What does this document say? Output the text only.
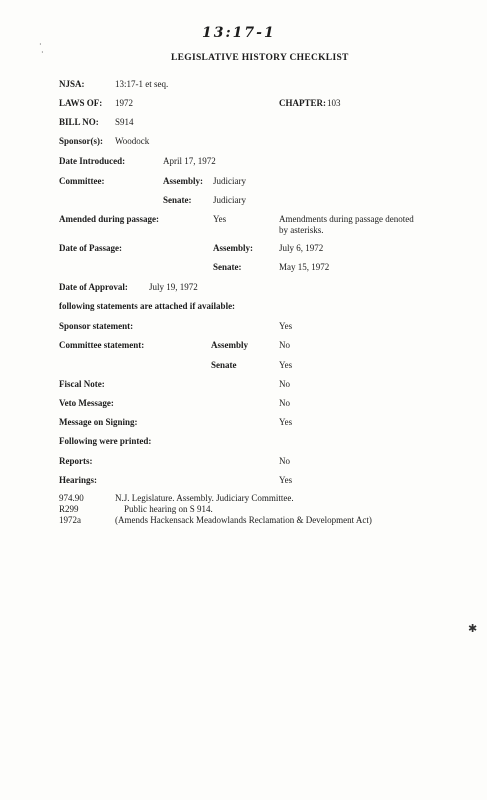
13:17-1
·
·
✱
LEGISLATIVE HISTORY CHECKLIST
NJSA:	13:17-1 et seq.
LAWS OF: 1972	CHAPTER: 103
BILL NO: S914
Sponsor(s): Woodock
Date Introduced:	April 17, 1972
Committee:	Assembly: Judiciary
Senate: Judiciary
Amended during passage:	Yes	Amendments during passage denoted
by asterisks.
Date of Passage:	Assembly:	July 6, 1972
Senate:	May 15, 1972
Date of Approval: July 19, 1972
following statements are attached if available:
Sponsor statement:	Yes
Committee statement:	Assembly	No
Senate	Yes
Fiscal Note:	No
Veto Message:	No
Message on Signing:	Yes
Following were printed:
Reports:	No
Hearings:	Yes
974.90	N.J. Legislature. Assembly. Judiciary Committee.
R299	Public hearing on S 914.
1972a	(Amends Hackensack Meadowlands Reclamation & Development Act)
